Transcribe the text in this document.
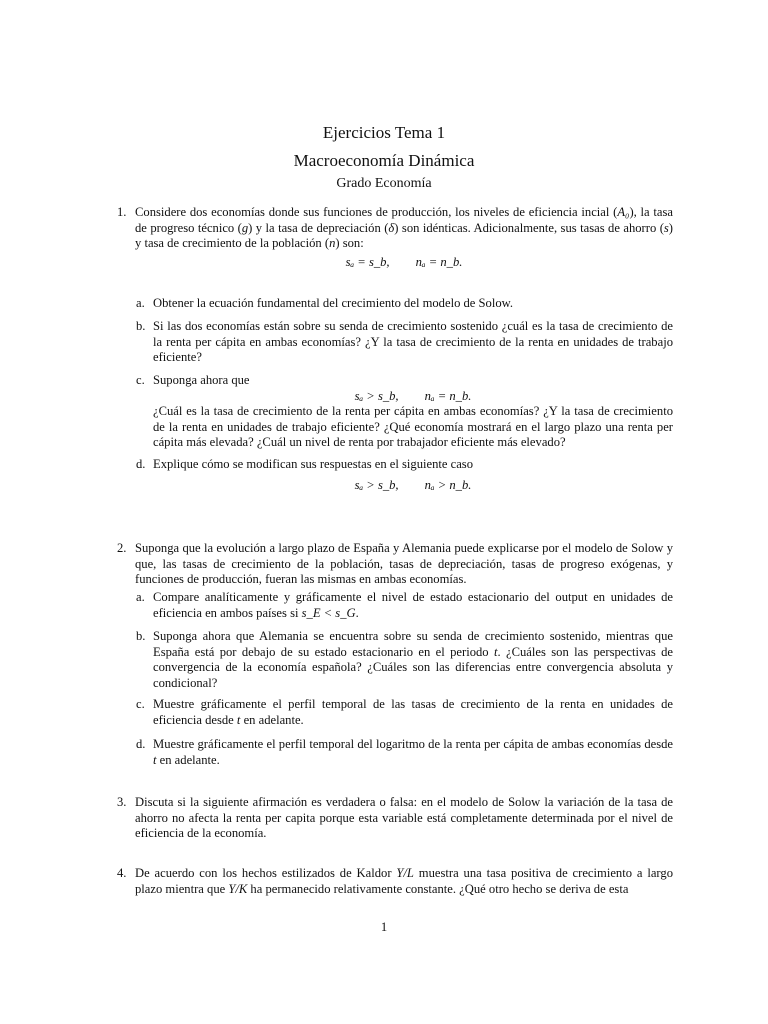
Ejercicios Tema 1
Macroeconomía Dinámica
Grado Economía
1. Considere dos economías donde sus funciones de producción, los niveles de eficiencia incial (A₀), la tasa de progreso técnico (g) y la tasa de depreciación (δ) son idénticas. Adicionalmente, sus tasas de ahorro (s) y tasa de crecimiento de la población (n) son:
sₐ = s_b, nₐ = n_b.
a. Obtener la ecuación fundamental del crecimiento del modelo de Solow.
b. Si las dos economías están sobre su senda de crecimiento sostenido ¿cuál es la tasa de crecimiento de la renta per cápita en ambas economías? ¿Y la tasa de crecimiento de la renta en unidades de trabajo eficiente?
c. Suponga ahora que
sₐ > s_b, nₐ = n_b.
¿Cuál es la tasa de crecimiento de la renta per cápita en ambas economías? ¿Y la tasa de crecimiento de la renta en unidades de trabajo eficiente? ¿Qué economía mostrará en el largo plazo una renta per cápita más elevada? ¿Cuál un nivel de renta por trabajador eficiente más elevado?
d. Explique cómo se modifican sus respuestas en el siguiente caso
sₐ > s_b, nₐ > n_b.
2. Suponga que la evolución a largo plazo de España y Alemania puede explicarse por el modelo de Solow y que, las tasas de crecimiento de la población, tasas de depreciación, tasas de progreso exógenas, y funciones de producción, fueran las mismas en ambas economías.
a. Compare analíticamente y gráficamente el nivel de estado estacionario del output en unidades de eficiencia en ambos países si s_E < s_G.
b. Suponga ahora que Alemania se encuentra sobre su senda de crecimiento sostenido, mientras que España está por debajo de su estado estacionario en el periodo t. ¿Cuáles son las perspectivas de convergencia de la economía española? ¿Cuáles son las diferencias entre convergencia absoluta y condicional?
c. Muestre gráficamente el perfil temporal de las tasas de crecimiento de la renta en unidades de eficiencia desde t en adelante.
d. Muestre gráficamente el perfil temporal del logaritmo de la renta per cápita de ambas economías desde t en adelante.
3. Discuta si la siguiente afirmación es verdadera o falsa: en el modelo de Solow la variación de la tasa de ahorro no afecta la renta per capita porque esta variable está completamente determinada por el nivel de eficiencia de la economía.
4. De acuerdo con los hechos estilizados de Kaldor Y/L muestra una tasa positiva de crecimiento a largo plazo mientra que Y/K ha permanecido relativamente constante. ¿Qué otro hecho se deriva de esta
1
